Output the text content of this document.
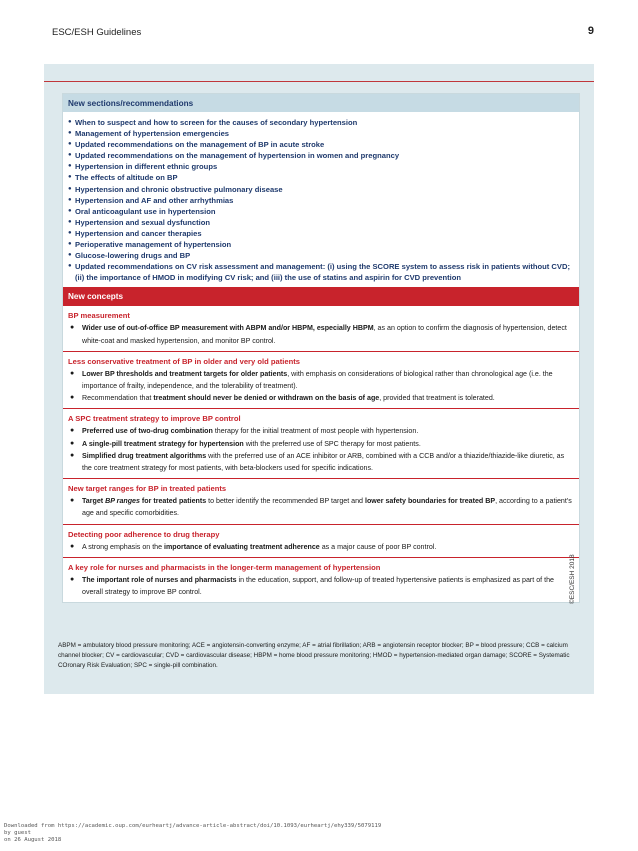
ESC/ESH Guidelines	9
New sections/recommendations
● When to suspect and how to screen for the causes of secondary hypertension
● Management of hypertension emergencies
● Updated recommendations on the management of BP in acute stroke
● Updated recommendations on the management of hypertension in women and pregnancy
● Hypertension in different ethnic groups
● The effects of altitude on BP
● Hypertension and chronic obstructive pulmonary disease
● Hypertension and AF and other arrhythmias
● Oral anticoagulant use in hypertension
● Hypertension and sexual dysfunction
● Hypertension and cancer therapies
● Perioperative management of hypertension
● Glucose-lowering drugs and BP
● Updated recommendations on CV risk assessment and management: (i) using the SCORE system to assess risk in patients without CVD; (ii) the importance of HMOD in modifying CV risk; and (iii) the use of statins and aspirin for CVD prevention
New concepts
BP measurement
● Wider use of out-of-office BP measurement with ABPM and/or HBPM, especially HBPM, as an option to confirm the diagnosis of hypertension, detect white-coat and masked hypertension, and monitor BP control.
Less conservative treatment of BP in older and very old patients
● Lower BP thresholds and treatment targets for older patients, with emphasis on considerations of biological rather than chronological age (i.e. the importance of frailty, independence, and the tolerability of treatment).
● Recommendation that treatment should never be denied or withdrawn on the basis of age, provided that treatment is tolerated.
A SPC treatment strategy to improve BP control
● Preferred use of two-drug combination therapy for the initial treatment of most people with hypertension.
● A single-pill treatment strategy for hypertension with the preferred use of SPC therapy for most patients.
● Simplified drug treatment algorithms with the preferred use of an ACE inhibitor or ARB, combined with a CCB and/or a thiazide/thiazide-like diuretic, as the core treatment strategy for most patients, with beta-blockers used for specific indications.
New target ranges for BP in treated patients
● Target BP ranges for treated patients to better identify the recommended BP target and lower safety boundaries for treated BP, according to a patient's age and specific comorbidities.
Detecting poor adherence to drug therapy
● A strong emphasis on the importance of evaluating treatment adherence as a major cause of poor BP control.
A key role for nurses and pharmacists in the longer-term management of hypertension
● The important role of nurses and pharmacists in the education, support, and follow-up of treated hypertensive patients is emphasized as part of the overall strategy to improve BP control.	©ESC/ESH 2018
ABPM = ambulatory blood pressure monitoring; ACE = angiotensin-converting enzyme; AF = atrial fibrillation; ARB = angiotensin receptor blocker; BP = blood pressure; CCB = calcium channel blocker; CV = cardiovascular; CVD = cardiovascular disease; HBPM = home blood pressure monitoring; HMOD = hypertension-mediated organ damage; SCORE = Systematic COronary Risk Evaluation; SPC = single-pill combination.
Downloaded from https://academic.oup.com/eurheartj/advance-article-abstract/doi/10.1093/eurheartj/ehy339/5079119
by guest
on 26 August 2018
